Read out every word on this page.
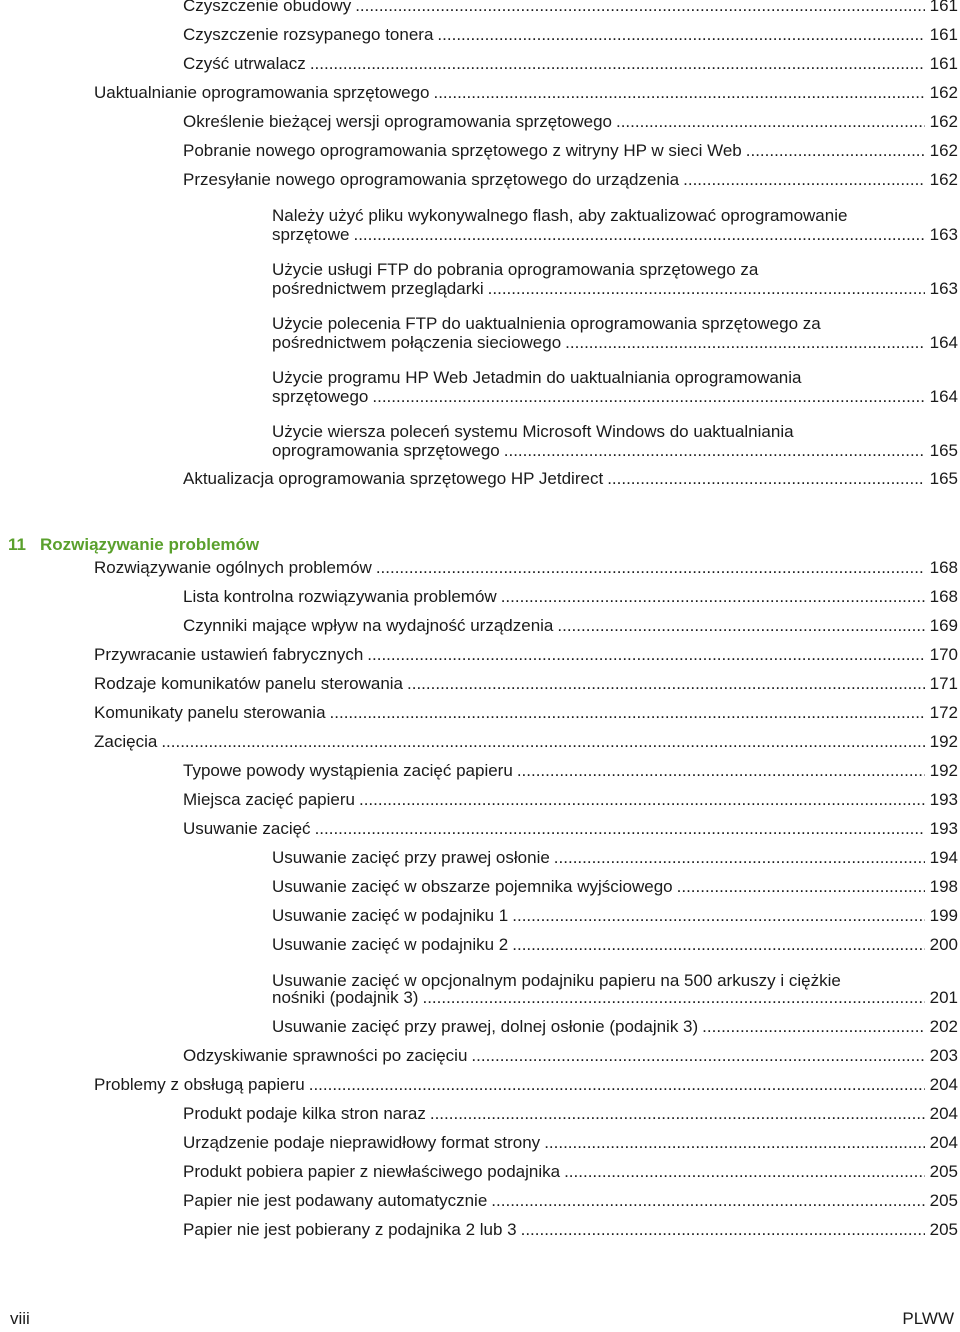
Czyszczenie obudowy .....	161
Czyszczenie rozsypanego tonera .....	161
Czyść utrwalacz .....	161
Uaktualnianie oprogramowania sprzętowego .....	162
Określenie bieżącej wersji oprogramowania sprzętowego .....	162
Pobranie nowego oprogramowania sprzętowego z witryny HP w sieci Web .....	162
Przesyłanie nowego oprogramowania sprzętowego do urządzenia .....	162
Należy użyć pliku wykonywalnego flash, aby zaktualizować oprogramowanie
sprzętowe .....	163
Użycie usługi FTP do pobrania oprogramowania sprzętowego za
pośrednictwem przeglądarki .....	163
Użycie polecenia FTP do uaktualnienia oprogramowania sprzętowego za
pośrednictwem połączenia sieciowego .....	164
Użycie programu HP Web Jetadmin do uaktualniania oprogramowania
sprzętowego .....	164
Użycie wiersza poleceń systemu Microsoft Windows do uaktualniania
oprogramowania sprzętowego .....	165
Aktualizacja oprogramowania sprzętowego HP Jetdirect .....	165
11 Rozwiązywanie problemów
Rozwiązywanie ogólnych problemów .....	168
Lista kontrolna rozwiązywania problemów .....	168
Czynniki mające wpływ na wydajność urządzenia .....	169
Przywracanie ustawień fabrycznych .....	170
Rodzaje komunikatów panelu sterowania .....	171
Komunikaty panelu sterowania .....	172
Zacięcia .....	192
Typowe powody wystąpienia zacięć papieru .....	192
Miejsca zacięć papieru .....	193
Usuwanie zacięć .....	193
Usuwanie zacięć przy prawej osłonie .....	194
Usuwanie zacięć w obszarze pojemnika wyjściowego .....	198
Usuwanie zacięć w podajniku 1 .....	199
Usuwanie zacięć w podajniku 2 .....	200
Usuwanie zacięć w opcjonalnym podajniku papieru na 500 arkuszy i ciężkie
nośniki (podajnik 3) .....	201
Usuwanie zacięć przy prawej, dolnej osłonie (podajnik 3) .....	202
Odzyskiwanie sprawności po zacięciu .....	203
Problemy z obsługą papieru .....	204
Produkt podaje kilka stron naraz .....	204
Urządzenie podaje nieprawidłowy format strony .....	204
Produkt pobiera papier z niewłaściwego podajnika .....	205
Papier nie jest podawany automatycznie .....	205
Papier nie jest pobierany z podajnika 2 lub 3 .....	205
viii	PLWW
